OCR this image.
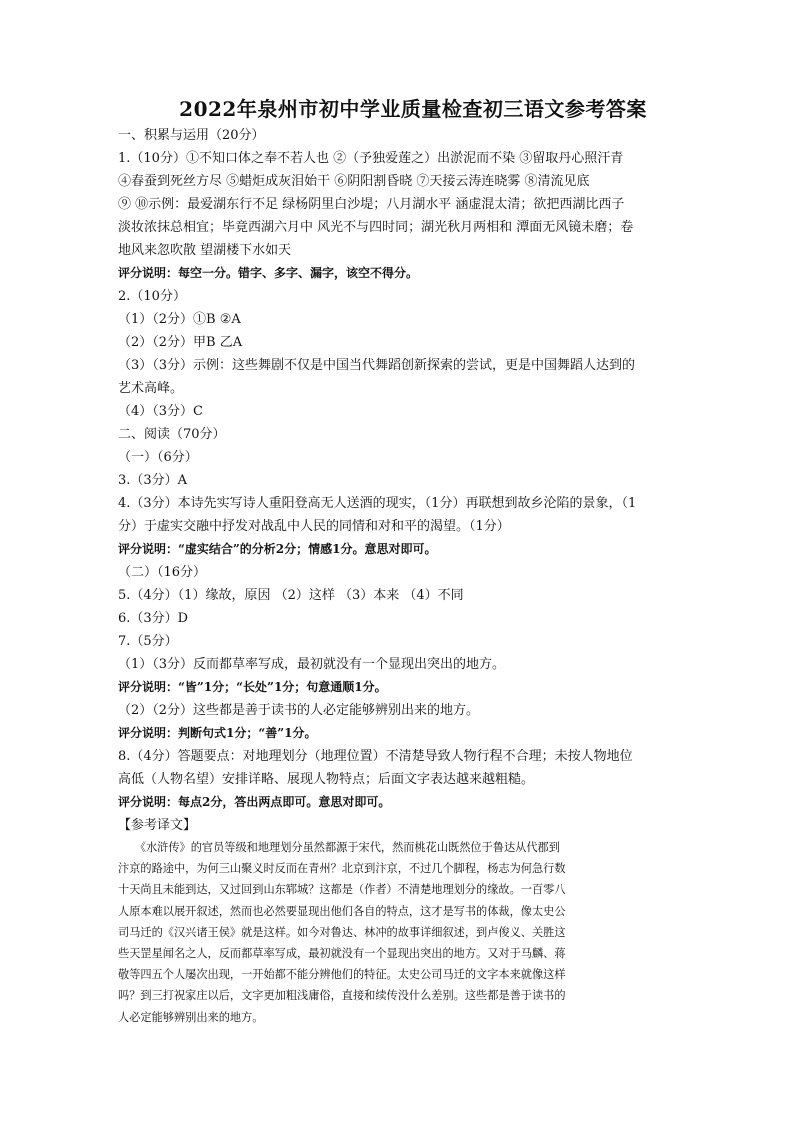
2022年泉州市初中学业质量检查初三语文参考答案
一、积累与运用（20分）
1.（10分）①不知口体之奉不若人也 ②（予独爱莲之）出淤泥而不染 ③留取丹心照汗青
④春蚕到死丝方尽 ⑤蜡炬成灰泪始干 ⑥阴阳割昏晓 ⑦天接云涛连晓雾 ⑧清流见底
⑨ ⑩示例：最爱湖东行不足 绿杨阴里白沙堤；八月湖水平 涵虚混太清；欲把西湖比西子
淡妆浓抹总相宜；毕竟西湖六月中 风光不与四时同；湖光秋月两相和 潭面无风镜未磨；卷
地风来忽吹散 望湖楼下水如天
评分说明：每空一分。错字、多字、漏字，该空不得分。
2.（10分）
（1）（2分）①B ②A
（2）（2分）甲B 乙A
（3）（3分）示例：这些舞剧不仅是中国当代舞蹈创新探索的尝试，更是中国舞蹈人达到的
艺术高峰。
（4）（3分）C
二、阅读（70分）
（一）（6分）
3.（3分）A
4.（3分）本诗先实写诗人重阳登高无人送酒的现实，（1分）再联想到故乡沦陷的景象，（1
分）于虚实交融中抒发对战乱中人民的同情和对和平的渴望。（1分）
评分说明：“虚实结合”的分析2分；情感1分。意思对即可。
（二）（16分）
5.（4分）（1）缘故，原因 （2）这样 （3）本来 （4）不同
6.（3分）D
7.（5分）
（1）（3分）反而都草率写成，最初就没有一个显现出突出的地方。
评分说明：“皆”1分；“长处”1分；句意通顺1分。
（2）（2分）这些都是善于读书的人必定能够辨别出来的地方。
评分说明：判断句式1分；“善”1分。
8.（4分）答题要点：对地理划分（地理位置）不清楚导致人物行程不合理；未按人物地位
高低（人物名望）安排详略、展现人物特点；后面文字表达越来越粗糙。
评分说明：每点2分，答出两点即可。意思对即可。
【参考译文】
　　《水浒传》的官员等级和地理划分虽然都源于宋代，然而桃花山既然位于鲁达从代郡到
汴京的路途中，为何三山聚义时反而在青州？北京到汴京，不过几个脚程，杨志为何急行数
十天尚且未能到达，又过回到山东郓城？这都是（作者）不清楚地理划分的缘故。一百零八
人原本难以展开叙述，然而也必然要显现出他们各自的特点，这才是写书的体裁，像太史公
司马迁的《汉兴诸王侯》就是这样。如今对鲁达、林冲的故事详细叙述，到卢俊义、关胜这
些天罡星闻名之人，反而都草率写成，最初就没有一个显现出突出的地方。又对于马麟、蒋
敬等四五个人屡次出现，一开始都不能分辨他们的特征。太史公司马迁的文字本来就像这样
吗？到三打祝家庄以后，文字更加粗浅庸俗，直接和续传没什么差别。这些都是善于读书的
人必定能够辨别出来的地方。
